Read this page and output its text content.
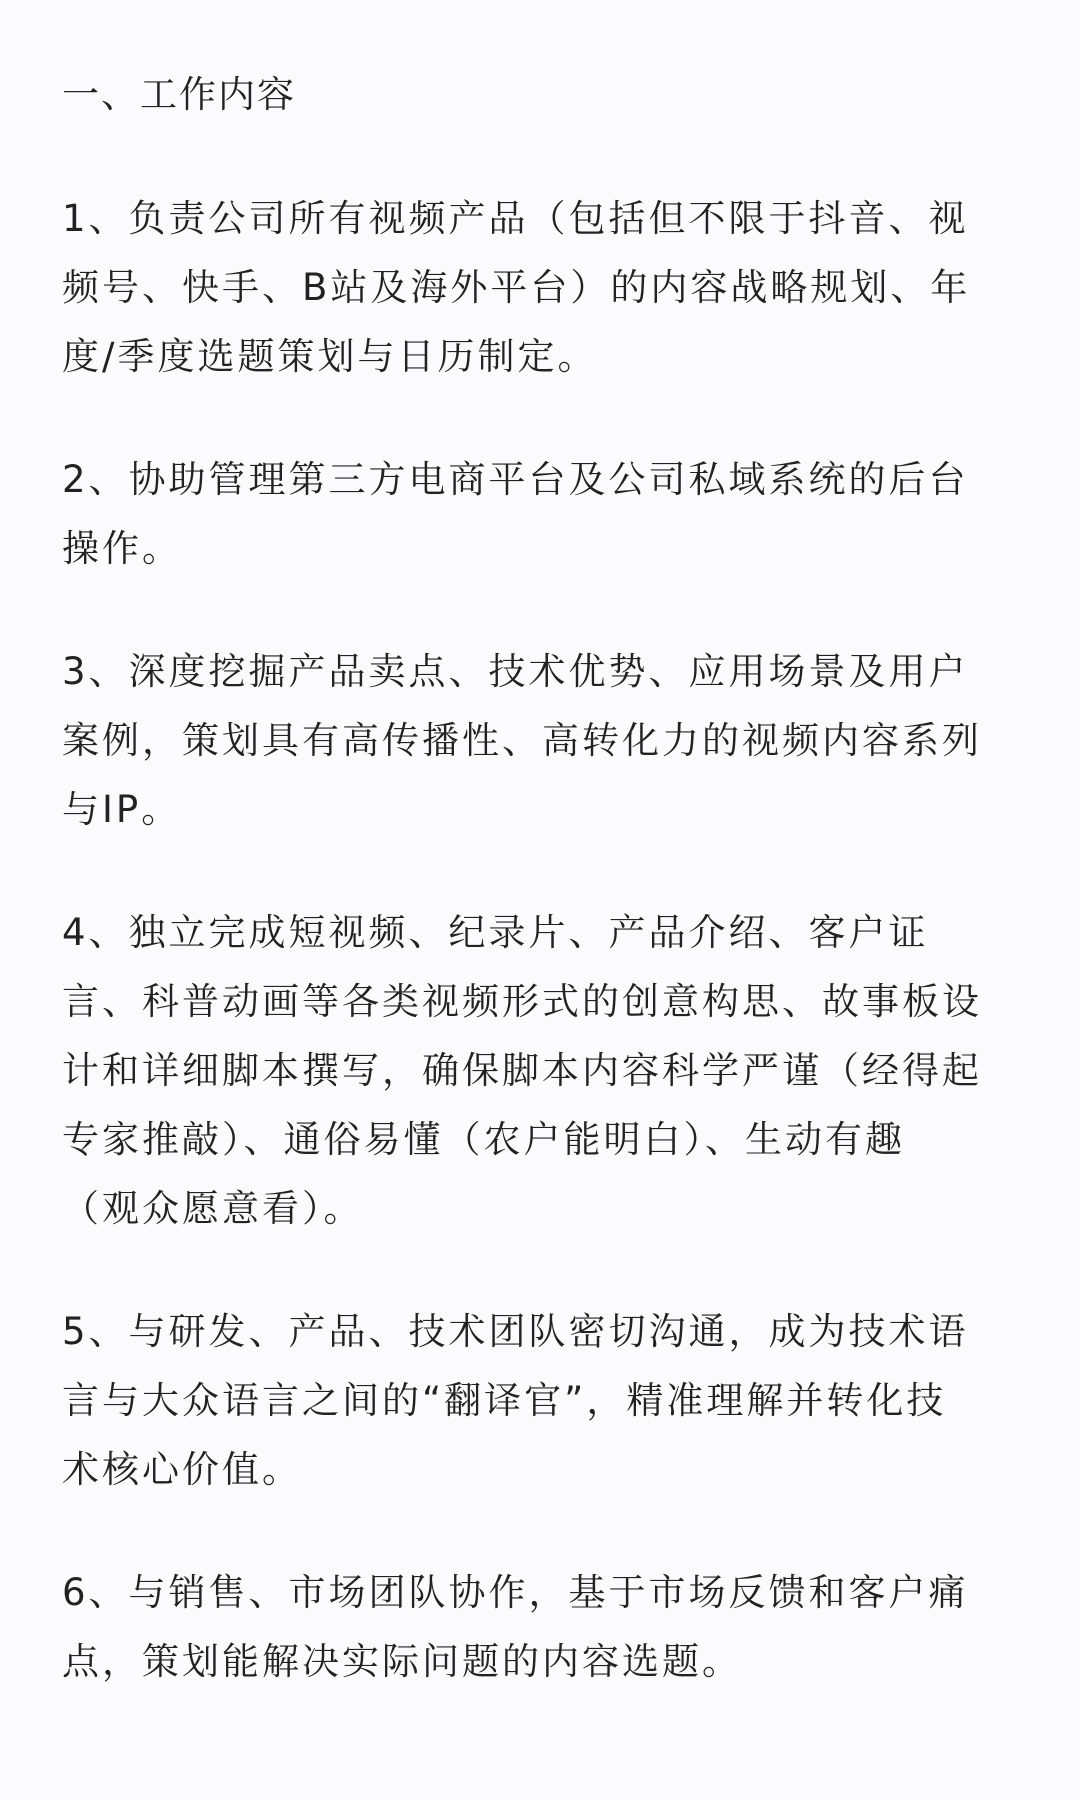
一、工作内容

1、负责公司所有视频产品（包括但不限于抖音、视
频号、快手、B站及海外平台）的内容战略规划、年
度/季度选题策划与日历制定。

2、协助管理第三方电商平台及公司私域系统的后台
操作。

3、深度挖掘产品卖点、技术优势、应用场景及用户
案例，策划具有高传播性、高转化力的视频内容系列
与IP。

4、独立完成短视频、纪录片、产品介绍、客户证
言、科普动画等各类视频形式的创意构思、故事板设
计和详细脚本撰写，确保脚本内容科学严谨（经得起
专家推敲）、通俗易懂（农户能明白）、生动有趣
（观众愿意看）。

5、与研发、产品、技术团队密切沟通，成为技术语
言与大众语言之间的“翻译官”，精准理解并转化技
术核心价值。

6、与销售、市场团队协作，基于市场反馈和客户痛
点，策划能解决实际问题的内容选题。
